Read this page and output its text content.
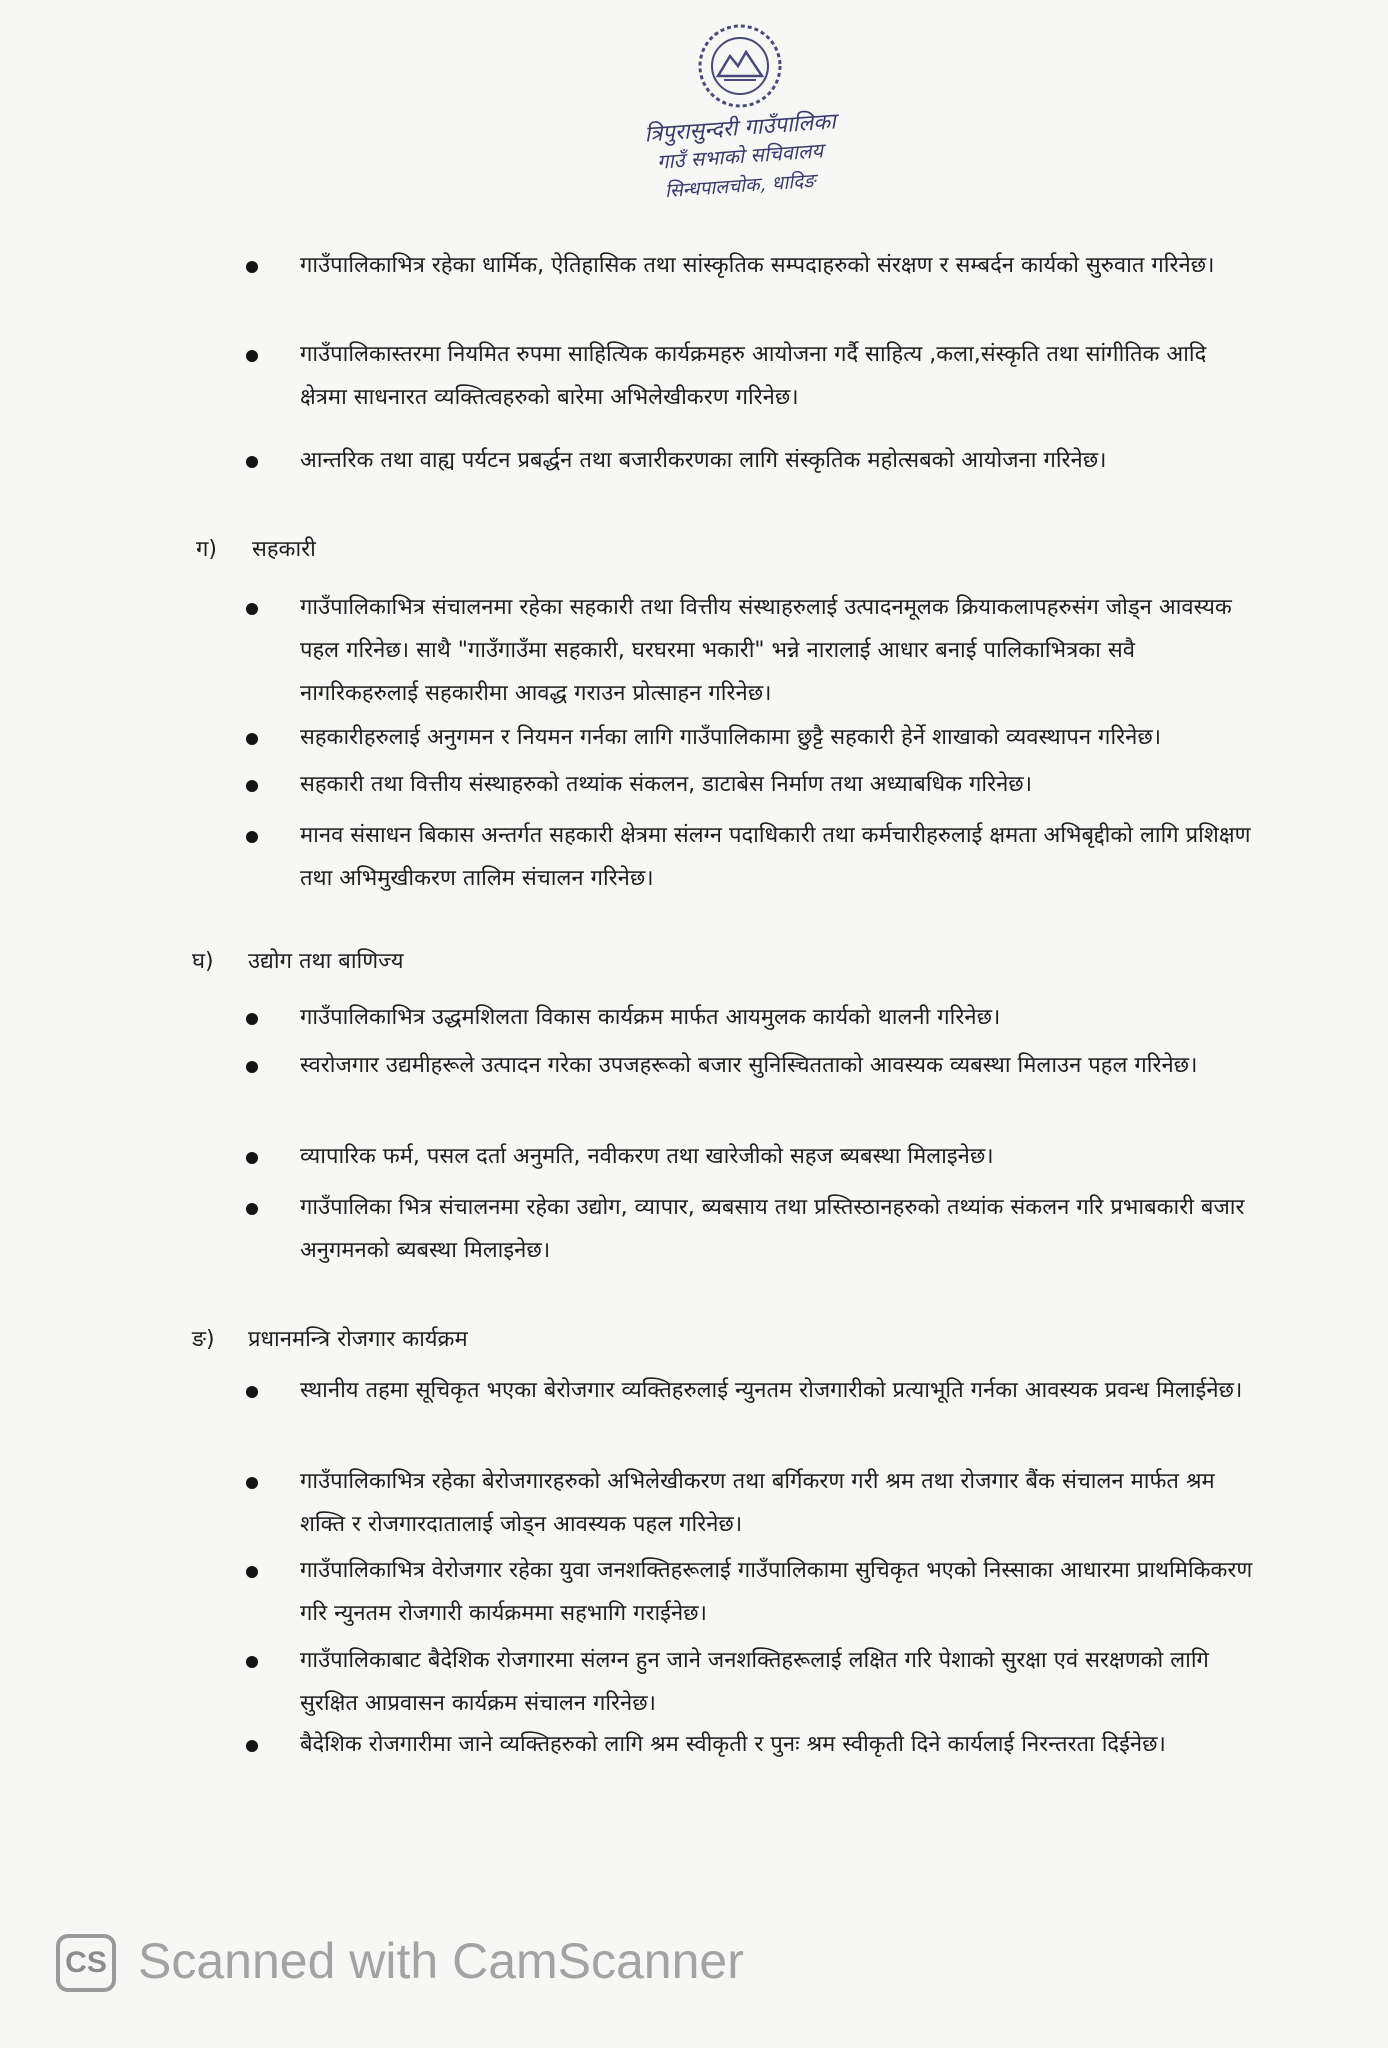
त्रिपुरासुन्दरी गाउँपालिका
गाउँ सभाको सचिवालय
सिन्धपालचोक, धादिङ
गाउँपालिकाभित्र रहेका धार्मिक, ऐतिहासिक तथा सांस्कृतिक सम्पदाहरुको संरक्षण र सम्बर्दन कार्यको सुरुवात गरिनेछ।
गाउँपालिकास्तरमा नियमित रुपमा साहित्यिक कार्यक्रमहरु आयोजना गर्दै साहित्य ,कला,संस्कृति तथा सांगीतिक आदि क्षेत्रमा साधनारत व्यक्तित्वहरुको बारेमा अभिलेखीकरण गरिनेछ।
आन्तरिक तथा वाह्य पर्यटन प्रबर्द्धन तथा बजारीकरणका लागि संस्कृतिक महोत्सबको आयोजना गरिनेछ।
ग) सहकारी
गाउँपालिकाभित्र संचालनमा रहेका सहकारी तथा वित्तीय संस्थाहरुलाई उत्पादनमूलक क्रियाकलापहरुसंग जोड्न आवस्यक पहल गरिनेछ। साथै "गाउँगाउँमा सहकारी, घरघरमा भकारी" भन्ने नारालाई आधार बनाई पालिकाभित्रका सवै नागरिकहरुलाई सहकारीमा आवद्ध गराउन प्रोत्साहन गरिनेछ।
सहकारीहरुलाई अनुगमन र नियमन गर्नका लागि गाउँपालिकामा छुट्टै सहकारी हेर्ने शाखाको व्यवस्थापन गरिनेछ।
सहकारी तथा वित्तीय संस्थाहरुको तथ्यांक संकलन, डाटाबेस निर्माण तथा अध्याबधिक गरिनेछ।
मानव संसाधन बिकास अन्तर्गत सहकारी क्षेत्रमा संलग्न पदाधिकारी तथा कर्मचारीहरुलाई क्षमता अभिबृद्दीको लागि प्रशिक्षण तथा अभिमुखीकरण तालिम संचालन गरिनेछ।
घ) उद्योग तथा बाणिज्य
गाउँपालिकाभित्र उद्धमशिलता विकास कार्यक्रम मार्फत आयमुलक कार्यको थालनी गरिनेछ।
स्वरोजगार उद्यमीहरूले उत्पादन गरेका उपजहरूको बजार सुनिस्चितताको आवस्यक व्यबस्था मिलाउन पहल गरिनेछ।
व्यापारिक फर्म, पसल दर्ता अनुमति, नवीकरण तथा खारेजीको सहज ब्यबस्था मिलाइनेछ।
गाउँपालिका भित्र संचालनमा रहेका उद्योग, व्यापार, ब्यबसाय तथा प्रस्तिस्ठानहरुको तथ्यांक संकलन गरि प्रभाबकारी बजार अनुगमनको ब्यबस्था मिलाइनेछ।
ङ) प्रधानमन्त्रि रोजगार कार्यक्रम
स्थानीय तहमा सूचिकृत भएका बेरोजगार व्यक्तिहरुलाई न्युनतम रोजगारीको प्रत्याभूति गर्नका आवस्यक प्रवन्ध मिलाईनेछ।
गाउँपालिकाभित्र रहेका बेरोजगारहरुको अभिलेखीकरण तथा बर्गिकरण गरी श्रम तथा रोजगार बैंक संचालन मार्फत श्रम शक्ति र रोजगारदातालाई जोड्न आवस्यक पहल गरिनेछ।
गाउँपालिकाभित्र वेरोजगार रहेका युवा जनशक्तिहरूलाई गाउँपालिकामा सुचिकृत भएको निस्साका आधारमा प्राथमिकिकरण गरि न्युनतम रोजगारी कार्यक्रममा सहभागि गराईनेछ।
गाउँपालिकाबाट बैदेशिक रोजगारमा संलग्न हुन जाने जनशक्तिहरूलाई लक्षित गरि पेशाको सुरक्षा एवं सरक्षणको लागि सुरक्षित आप्रवासन कार्यक्रम संचालन गरिनेछ।
बैदेशिक रोजगारीमा जाने व्यक्तिहरुको लागि श्रम स्वीकृती र पुनः श्रम स्वीकृती दिने कार्यलाई निरन्तरता दिईनेछ।
CS Scanned with CamScanner
